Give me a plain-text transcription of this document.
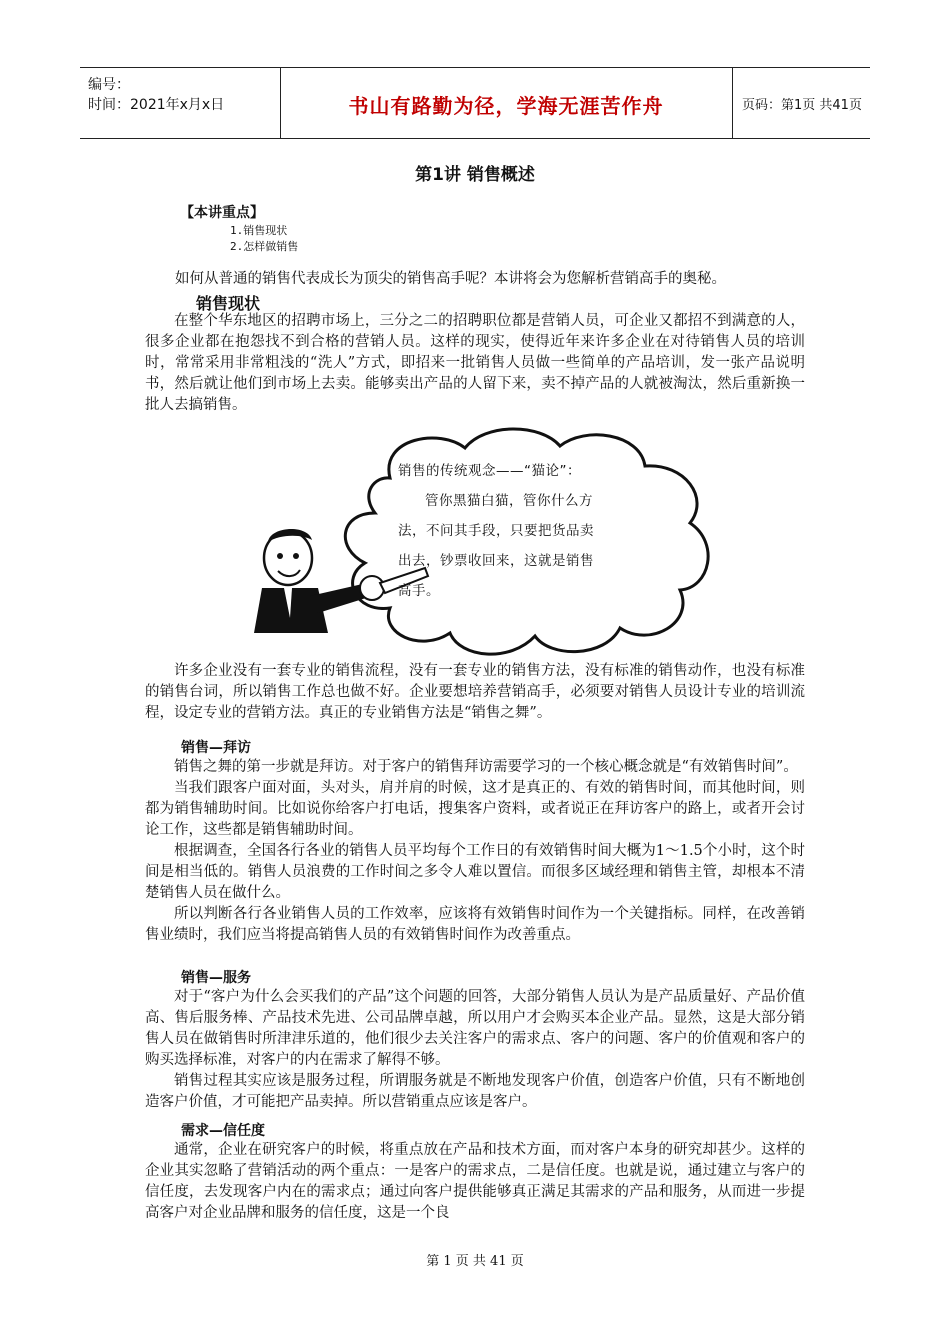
编号：
时间：2021年x月x日	书山有路勤为径，学海无涯苦作舟	页码：第1页 共41页
第1讲 销售概述
【本讲重点】
1.销售现状
2.怎样做销售

如何从普通的销售代表成长为顶尖的销售高手呢？本讲将会为您解析营销高手的奥秘。

销售现状

在整个华东地区的招聘市场上，三分之二的招聘职位都是营销人员，可企业又都招不到满意的人，很多企业都在抱怨找不到合格的营销人员。这样的现实，使得近年来许多企业在对待销售人员的培训时，常常采用非常粗浅的“洗人”方式，即招来一批销售人员做一些简单的产品培训，发一张产品说明书，然后就让他们到市场上去卖。能够卖出产品的人留下来，卖不掉产品的人就被淘汰，然后重新换一批人去搞销售。

销售的传统观念——“猫论”：
管你黑猫白猫，管你什么方
法，不问其手段，只要把货品卖
出去，钞票收回来，这就是销售
高手。

许多企业没有一套专业的销售流程，没有一套专业的销售方法，没有标准的销售动作，也没有标准的销售台词，所以销售工作总也做不好。企业要想培养营销高手，必须要对销售人员设计专业的培训流程，设定专业的营销方法。真正的专业销售方法是“销售之舞”。

销售—拜访

销售之舞的第一步就是拜访。对于客户的销售拜访需要学习的一个核心概念就是“有效销售时间”。

当我们跟客户面对面，头对头，肩并肩的时候，这才是真正的、有效的销售时间，而其他时间，则都为销售辅助时间。比如说你给客户打电话，搜集客户资料，或者说正在拜访客户的路上，或者开会讨论工作，这些都是销售辅助时间。

根据调查，全国各行各业的销售人员平均每个工作日的有效销售时间大概为1～1.5个小时，这个时间是相当低的。销售人员浪费的工作时间之多令人难以置信。而很多区域经理和销售主管，却根本不清楚销售人员在做什么。

所以判断各行各业销售人员的工作效率，应该将有效销售时间作为一个关键指标。同样，在改善销售业绩时，我们应当将提高销售人员的有效销售时间作为改善重点。

销售—服务

对于“客户为什么会买我们的产品”这个问题的回答，大部分销售人员认为是产品质量好、产品价值高、售后服务棒、产品技术先进、公司品牌卓越，所以用户才会购买本企业产品。显然，这是大部分销售人员在做销售时所津津乐道的，他们很少去关注客户的需求点、客户的问题、客户的价值观和客户的购买选择标准，对客户的内在需求了解得不够。

销售过程其实应该是服务过程，所谓服务就是不断地发现客户价值，创造客户价值，只有不断地创造客户价值，才可能把产品卖掉。所以营销重点应该是客户。

需求—信任度

通常，企业在研究客户的时候，将重点放在产品和技术方面，而对客户本身的研究却甚少。这样的企业其实忽略了营销活动的两个重点：一是客户的需求点，二是信任度。也就是说，通过建立与客户的信任度，去发现客户内在的需求点；通过向客户提供能够真正满足其需求的产品和服务，从而进一步提高客户对企业品牌和服务的信任度，这是一个良

第 1 页 共 41 页
